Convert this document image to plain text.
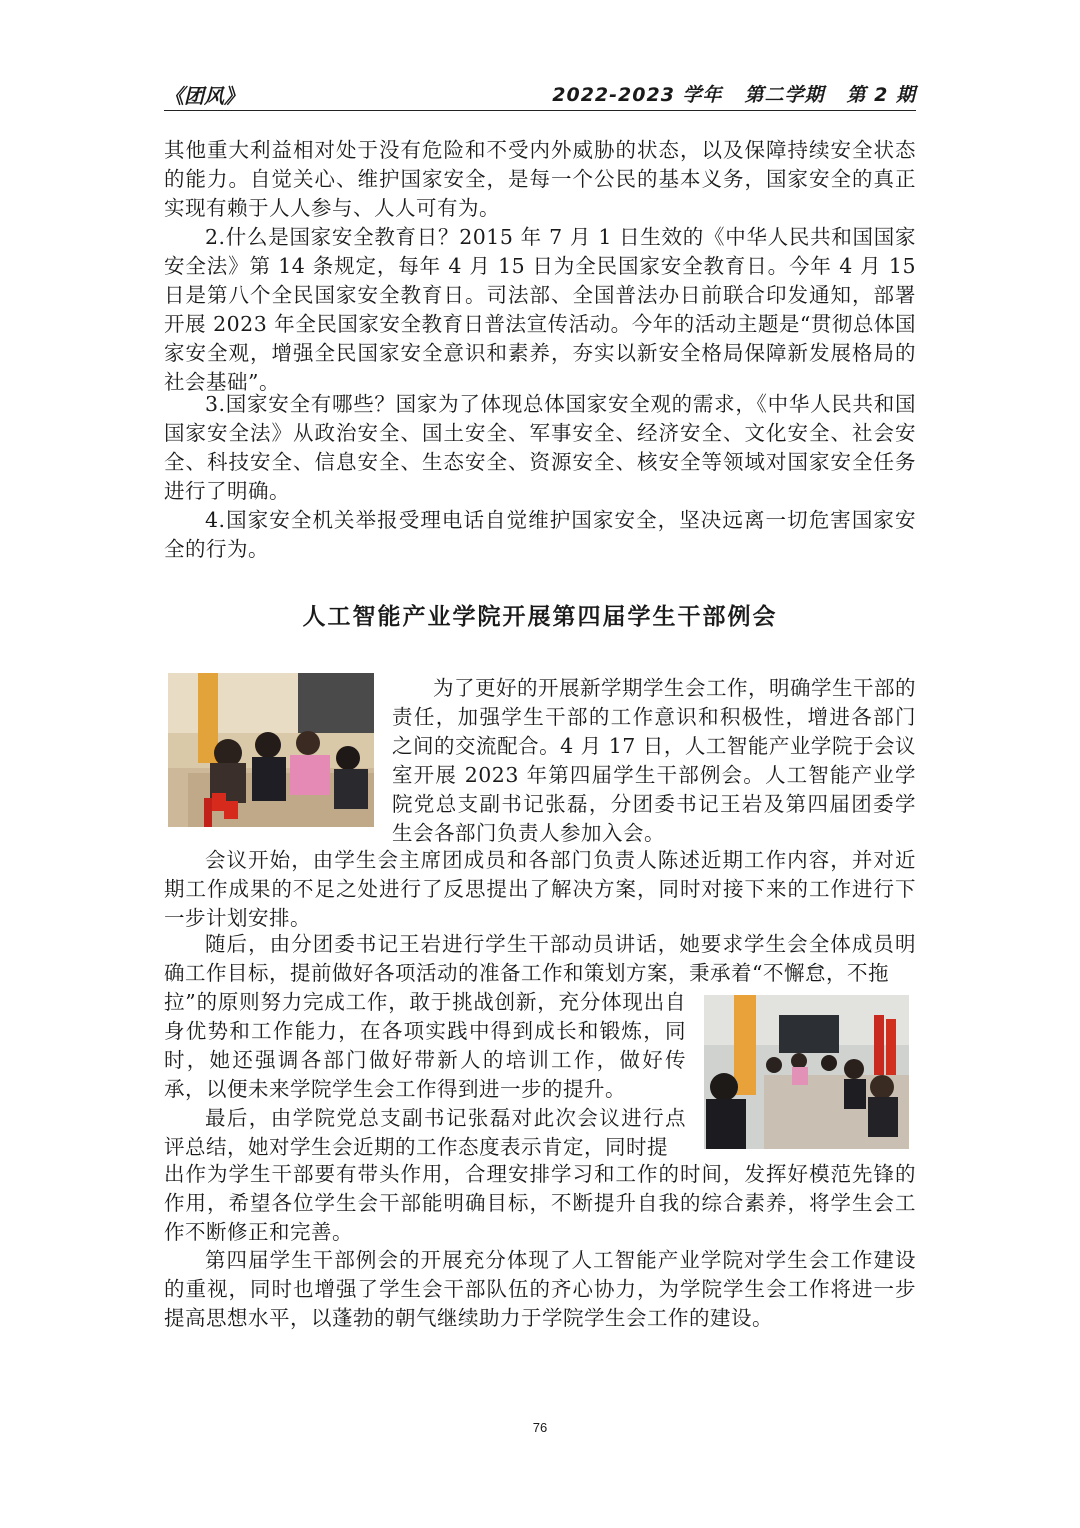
《团风》	2022-2023 学年 第二学期 第 2 期

其他重大利益相对处于没有危险和不受内外威胁的状态，以及保障持续安全状态的能力。自觉关心、维护国家安全，是每一个公民的基本义务，国家安全的真正实现有赖于人人参与、人人可有为。

2.什么是国家安全教育日？2015 年 7 月 1 日生效的《中华人民共和国国家安全法》第 14 条规定，每年 4 月 15 日为全民国家安全教育日。今年 4 月 15 日是第八个全民国家安全教育日。司法部、全国普法办日前联合印发通知，部署开展 2023 年全民国家安全教育日普法宣传活动。今年的活动主题是“贯彻总体国家安全观，增强全民国家安全意识和素养，夯实以新安全格局保障新发展格局的社会基础”。

3.国家安全有哪些？国家为了体现总体国家安全观的需求，《中华人民共和国国家安全法》从政治安全、国土安全、军事安全、经济安全、文化安全、社会安全、科技安全、信息安全、生态安全、资源安全、核安全等领域对国家安全任务进行了明确。

4.国家安全机关举报受理电话自觉维护国家安全，坚决远离一切危害国家安全的行为。

人工智能产业学院开展第四届学生干部例会

为了更好的开展新学期学生会工作，明确学生干部的责任，加强学生干部的工作意识和积极性，增进各部门之间的交流配合。4 月 17 日，人工智能产业学院于会议室开展 2023 年第四届学生干部例会。人工智能产业学院党总支副书记张磊，分团委书记王岩及第四届团委学生会各部门负责人参加入会。

会议开始，由学生会主席团成员和各部门负责人陈述近期工作内容，并对近期工作成果的不足之处进行了反思提出了解决方案，同时对接下来的工作进行下一步计划安排。

随后，由分团委书记王岩进行学生干部动员讲话，她要求学生会全体成员明确工作目标，提前做好各项活动的准备工作和策划方案，秉承着“不懈怠，不拖

拉”的原则努力完成工作，敢于挑战创新，充分体现出自身优势和工作能力，在各项实践中得到成长和锻炼，同时，她还强调各部门做好带新人的培训工作，做好传承，以便未来学院学生会工作得到进一步的提升。

最后，由学院党总支副书记张磊对此次会议进行点评总结，她对学生会近期的工作态度表示肯定，同时提

出作为学生干部要有带头作用，合理安排学习和工作的时间，发挥好模范先锋的作用，希望各位学生会干部能明确目标，不断提升自我的综合素养，将学生会工作不断修正和完善。

第四届学生干部例会的开展充分体现了人工智能产业学院对学生会工作建设的重视，同时也增强了学生会干部队伍的齐心协力，为学院学生会工作将进一步提高思想水平，以蓬勃的朝气继续助力于学院学生会工作的建设。

76
